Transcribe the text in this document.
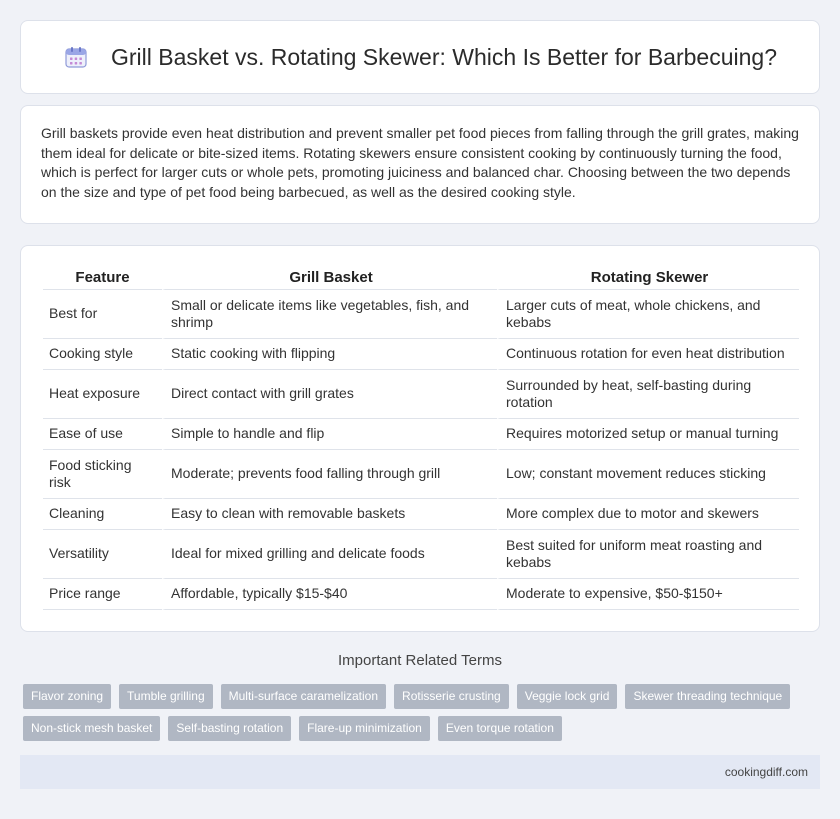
Grill Basket vs. Rotating Skewer: Which Is Better for Barbecuing?

Grill baskets provide even heat distribution and prevent smaller pet food pieces from falling through the grill grates, making them ideal for delicate or bite-sized items. Rotating skewers ensure consistent cooking by continuously turning the food, which is perfect for larger cuts or whole pets, promoting juiciness and balanced char. Choosing between the two depends on the size and type of pet food being barbecued, as well as the desired cooking style.

Feature	Grill Basket	Rotating Skewer
Best for	Small or delicate items like vegetables, fish, and shrimp	Larger cuts of meat, whole chickens, and kebabs
Cooking style	Static cooking with flipping	Continuous rotation for even heat distribution
Heat exposure	Direct contact with grill grates	Surrounded by heat, self-basting during rotation
Ease of use	Simple to handle and flip	Requires motorized setup or manual turning
Food sticking risk	Moderate; prevents food falling through grill	Low; constant movement reduces sticking
Cleaning	Easy to clean with removable baskets	More complex due to motor and skewers
Versatility	Ideal for mixed grilling and delicate foods	Best suited for uniform meat roasting and kebabs
Price range	Affordable, typically $15-$40	Moderate to expensive, $50-$150+
Important Related Terms
Flavor zoning	Tumble grilling	Multi-surface caramelization	Rotisserie crusting	Veggie lock grid	Skewer threading technique
Non-stick mesh basket	Self-basting rotation	Flare-up minimization	Even torque rotation
cookingdiff.com
